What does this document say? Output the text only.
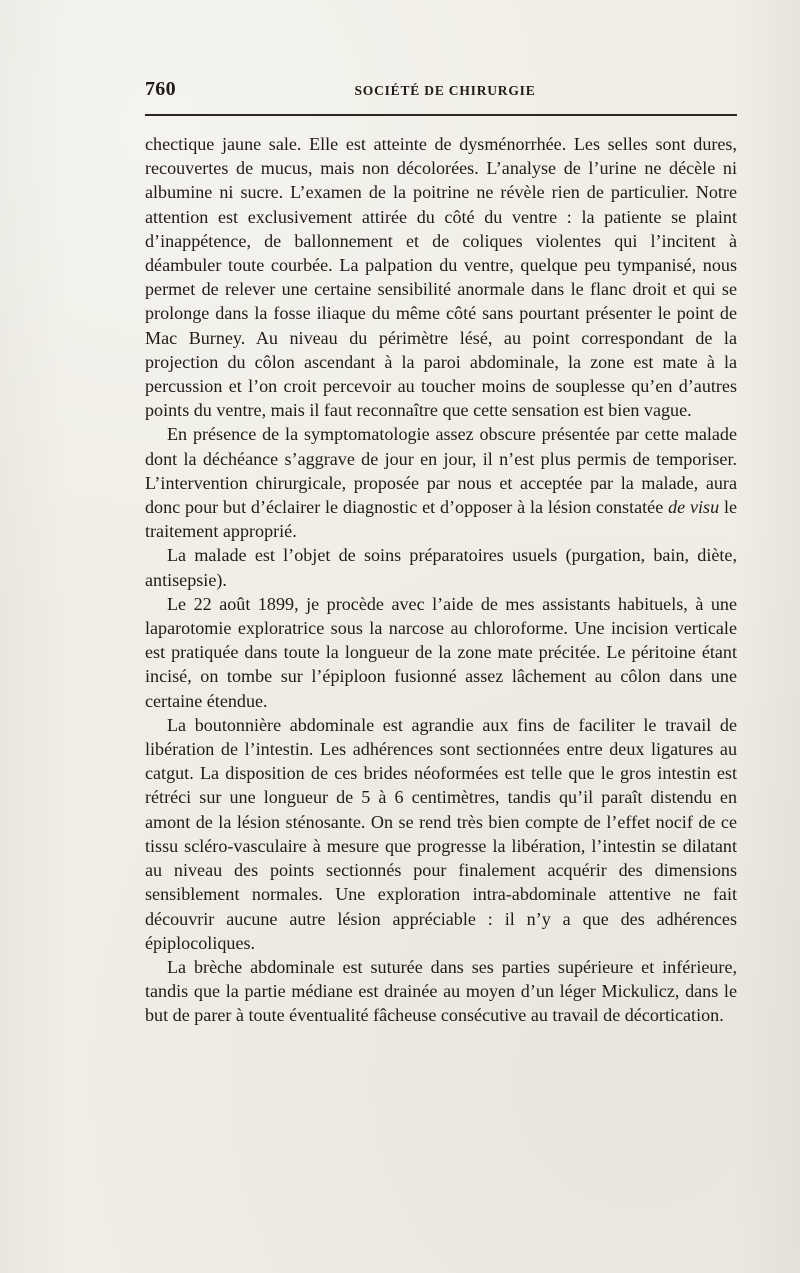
760	SOCIÉTÉ DE CHIRURGIE

chectique jaune sale. Elle est atteinte de dysménorrhée. Les selles sont dures, recouvertes de mucus, mais non décolorées. L’analyse de l’urine ne décèle ni albumine ni sucre. L’examen de la poitrine ne révèle rien de particulier. Notre attention est exclusivement attirée du côté du ventre : la patiente se plaint d’inappétence, de ballonnement et de coliques violentes qui l’incitent à déambuler toute courbée. La palpation du ventre, quelque peu tympanisé, nous permet de relever une certaine sensibilité anormale dans le flanc droit et qui se prolonge dans la fosse iliaque du même côté sans pourtant présenter le point de Mac Burney. Au niveau du périmètre lésé, au point correspondant de la projection du côlon ascendant à la paroi abdominale, la zone est mate à la percussion et l’on croit percevoir au toucher moins de souplesse qu’en d’autres points du ventre, mais il faut reconnaître que cette sensation est bien vague.

En présence de la symptomatologie assez obscure présentée par cette malade dont la déchéance s’aggrave de jour en jour, il n’est plus permis de temporiser. L’intervention chirurgicale, proposée par nous et acceptée par la malade, aura donc pour but d’éclairer le diagnostic et d’opposer à la lésion constatée de visu le traitement approprié.

La malade est l’objet de soins préparatoires usuels (purgation, bain, diète, antisepsie).

Le 22 août 1899, je procède avec l’aide de mes assistants habituels, à une laparotomie exploratrice sous la narcose au chloroforme. Une incision verticale est pratiquée dans toute la longueur de la zone mate précitée. Le péritoine étant incisé, on tombe sur l’épiploon fusionné assez lâchement au côlon dans une certaine étendue.

La boutonnière abdominale est agrandie aux fins de faciliter le travail de libération de l’intestin. Les adhérences sont sectionnées entre deux ligatures au catgut. La disposition de ces brides néoformées est telle que le gros intestin est rétréci sur une longueur de 5 à 6 centimètres, tandis qu’il paraît distendu en amont de la lésion sténosante. On se rend très bien compte de l’effet nocif de ce tissu scléro-vasculaire à mesure que progresse la libération, l’intestin se dilatant au niveau des points sectionnés pour finalement acquérir des dimensions sensiblement normales. Une exploration intra-abdominale attentive ne fait découvrir aucune autre lésion appréciable : il n’y a que des adhérences épiplocoliques.

La brèche abdominale est suturée dans ses parties supérieure et inférieure, tandis que la partie médiane est drainée au moyen d’un léger Mickulicz, dans le but de parer à toute éventualité fâcheuse consécutive au travail de décortication.
